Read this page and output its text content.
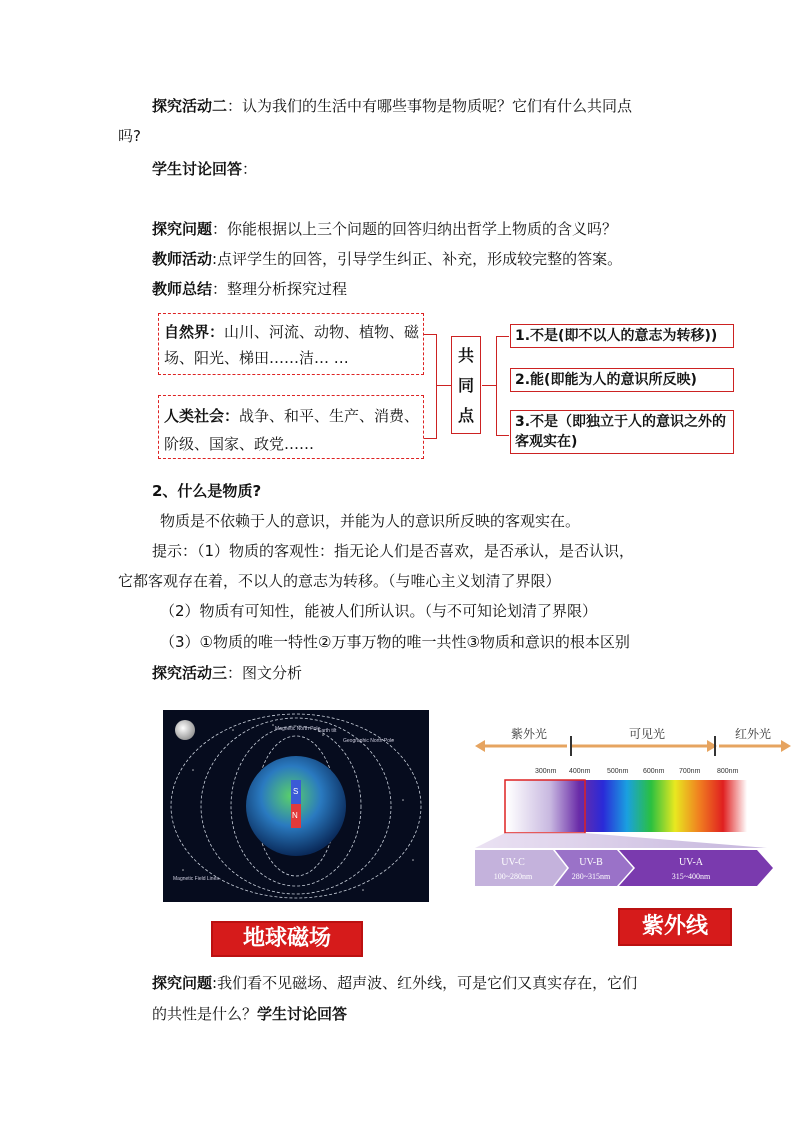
探究活动二：认为我们的生活中有哪些事物是物质呢？它们有什么共同点
吗?
学生讨论回答：
探究问题：你能根据以上三个问题的回答归纳出哲学上物质的含义吗？
教师活动:点评学生的回答，引导学生纠正、补充，形成较完整的答案。
教师总结：整理分析探究过程
自然界：山川、河流、动物、植物、磁
场、阳光、梯田……洁… …
人类社会：战争、和平、生产、消费、
阶级、国家、政党……
共
同
点
1.不是(即不以人的意志为转移))
2.能(即能为人的意识所反映)
3.不是（即独立于人的意识之外的
客观实在)
2、什么是物质?
物质是不依赖于人的意识，并能为人的意识所反映的客观实在。
提示：（1）物质的客观性：指无论人们是否喜欢，是否承认，是否认识，
它都客观存在着，不以人的意志为转移。（与唯心主义划清了界限）
（2）物质有可知性，能被人们所认识。（与不可知论划清了界限）
（3）①物质的唯一特性②万事万物的唯一共性③物质和意识的根本区别
探究活动三：图文分析
S
N
Magnetic North Pole
Earth tilt
Geographic North Pole
Magnetic Field Lines
地球磁场
紫外光	可见光	红外光
300nm 400nm 500nm 600nm 700nm 800nm
UV-C
100~280nm
UV-B
280~315nm
UV-A
315~400nm
紫外线
探究问题:我们看不见磁场、超声波、红外线，可是它们又真实存在，它们
的共性是什么？学生讨论回答
